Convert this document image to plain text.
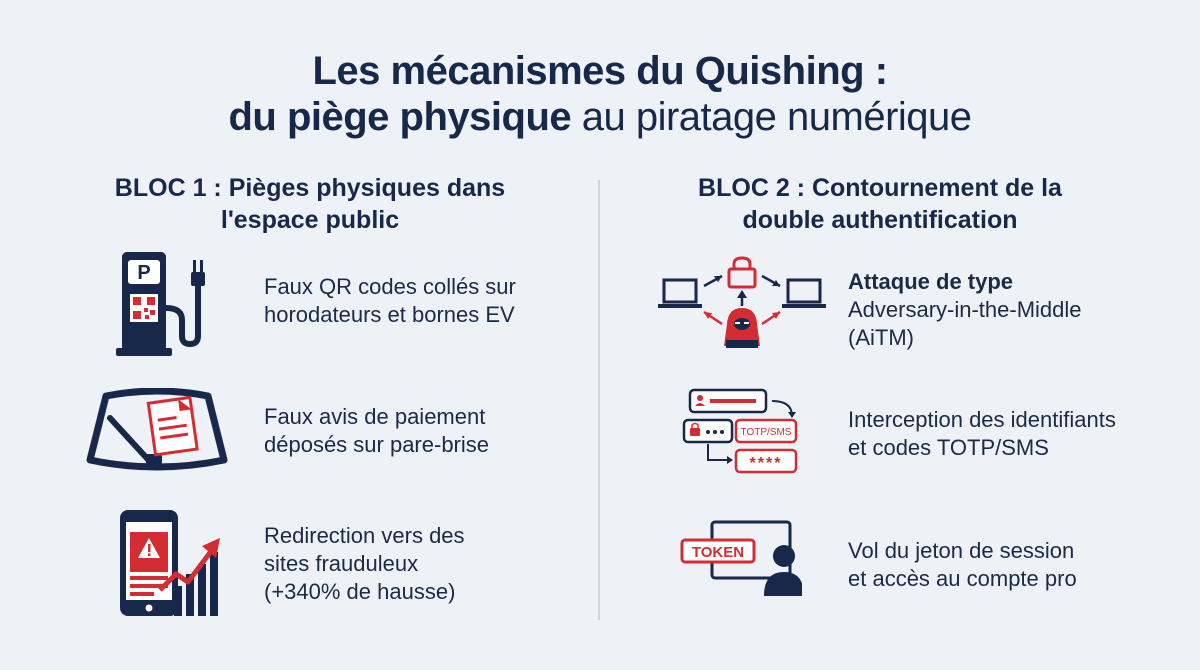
Les mécanismes du Quishing :
du piège physique au piratage numérique
BLOC 1 : Pièges physiques dans
l'espace public
BLOC 2 : Contournement de la
double authentification
P
Faux QR codes collés sur
horodateurs et bornes EV
Faux avis de paiement
déposés sur pare-brise
Redirection vers des
sites frauduleux
(+340% de hausse)
Attaque de type
Adversary-in-the-Middle
(AiTM)
TOTP/SMS
****
Interception des identifiants
et codes TOTP/SMS
TOKEN	Vol du jeton de session
et accès au compte pro
